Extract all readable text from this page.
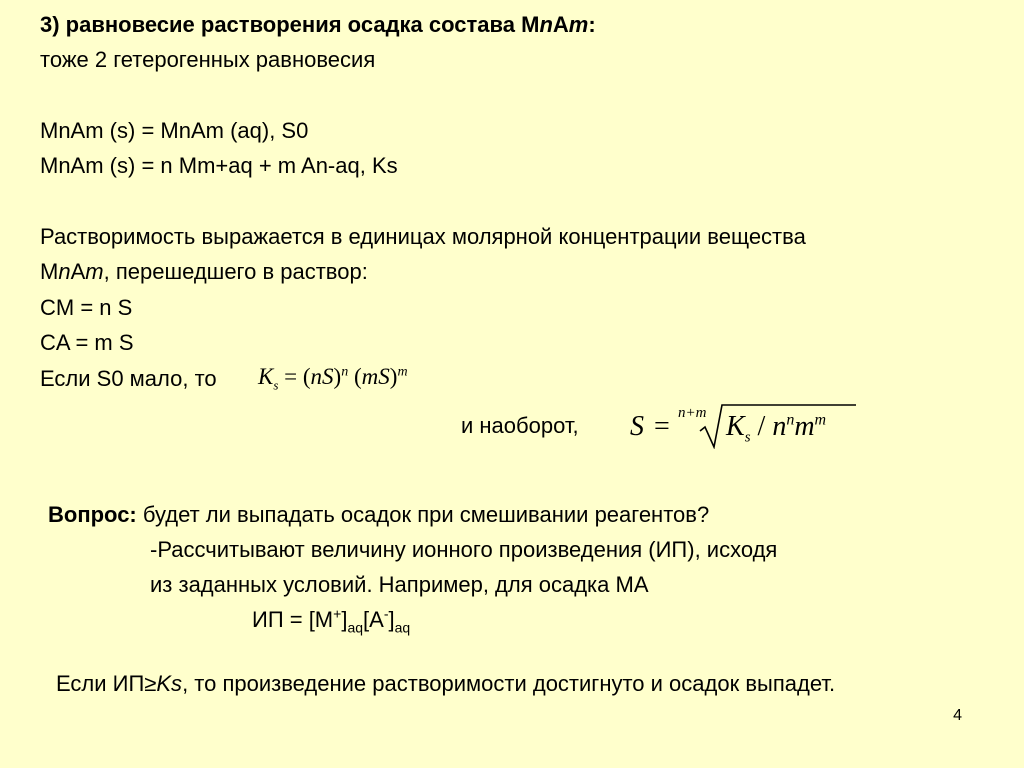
3) равновесие растворения осадка состава МnАm:
тоже 2 гетерогенных равновесия
MnAm (s) = MnAm (aq), S0
MnAm (s) = n Mm+aq + m An-aq, Ks
Растворимость выражается в единицах молярной концентрации вещества
МnАm, перешедшего в раствор:
CM = n S
CA = m S
Если S0 мало, то $K_s = (nS)^n$ (mS)$^m$
и наоборот, S = n+m $K_s / n^nm^m$
Вопрос: будет ли выпадать осадок при смешивании реагентов?
-Рассчитывают величину ионного произведения (ИП), исходя
из заданных условий. Например, для осадка МА
ИП = $[M^+]_{aq}[A^-]_{aq}$
Если ИП≥Ks, то произведение растворимости достигнуто и осадок выпадет.
4
